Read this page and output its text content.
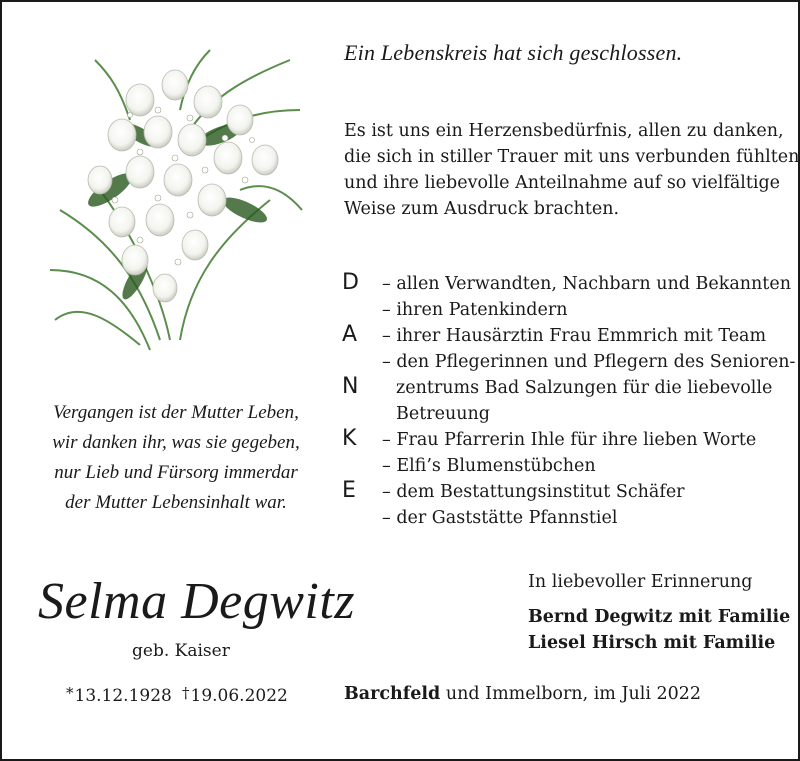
Ein Lebenskreis hat sich geschlossen.
Es ist uns ein Herzensbedürfnis, allen zu danken,
die sich in stiller Trauer mit uns verbunden fühlten
und ihre liebevolle Anteilnahme auf so vielfältige
Weise zum Ausdruck brachten.
D
A
N
K
E
– allen Verwandten, Nachbarn und Bekannten
– ihren Patenkindern
– ihrer Hausärztin Frau Emmrich mit Team
– den Pflegerinnen und Pflegern des Senioren-
zentrums Bad Salzungen für die liebevolle
Betreuung
– Frau Pfarrerin Ihle für ihre lieben Worte
– Elfi’s Blumenstübchen
– dem Bestattungsinstitut Schäfer
– der Gaststätte Pfannstiel
Vergangen ist der Mutter Leben,
wir danken ihr, was sie gegeben,
nur Lieb und Fürsorg immerdar
der Mutter Lebensinhalt war.
Selma Degwitz
geb. Kaiser
*13.12.1928 †19.06.2022
In liebevoller Erinnerung
Bernd Degwitz mit Familie
Liesel Hirsch mit Familie
Barchfeld und Immelborn, im Juli 2022
